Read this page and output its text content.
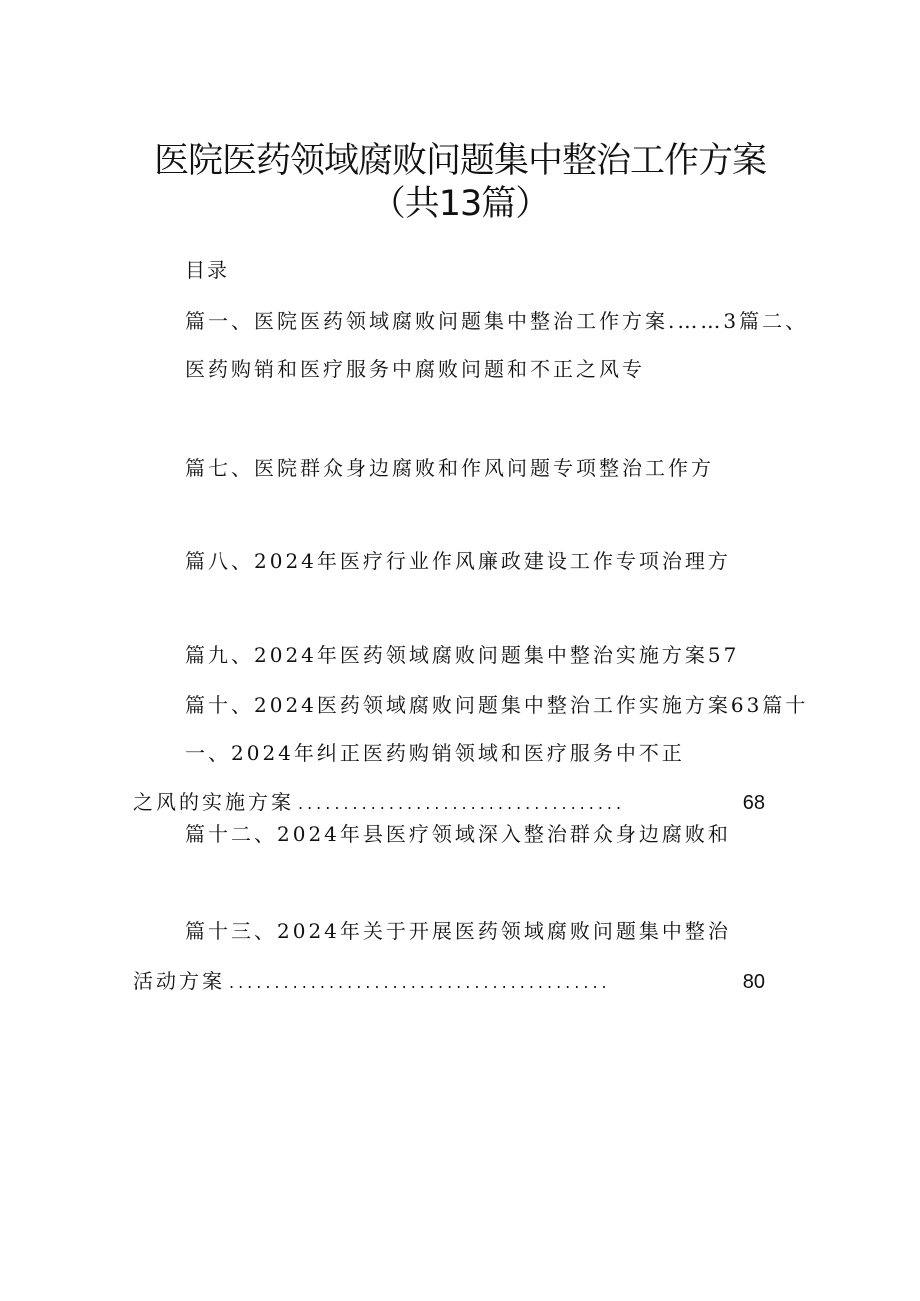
医院医药领域腐败问题集中整治工作方案
（共13篇）
目录
篇一、医院医药领域腐败问题集中整治工作方案.……3篇二、
医药购销和医疗服务中腐败问题和不正之风专
篇七、医院群众身边腐败和作风问题专项整治工作方
篇八、2024年医疗行业作风廉政建设工作专项治理方
篇九、2024年医药领域腐败问题集中整治实施方案57
篇十、2024医药领域腐败问题集中整治工作实施方案63篇十
一、2024年纠正医药购销领域和医疗服务中不正
之风的实施方案 ....................................	68
篇十二、2024年县医疗领域深入整治群众身边腐败和
篇十三、2024年关于开展医药领域腐败问题集中整治
活动方案 ..........................................	80
